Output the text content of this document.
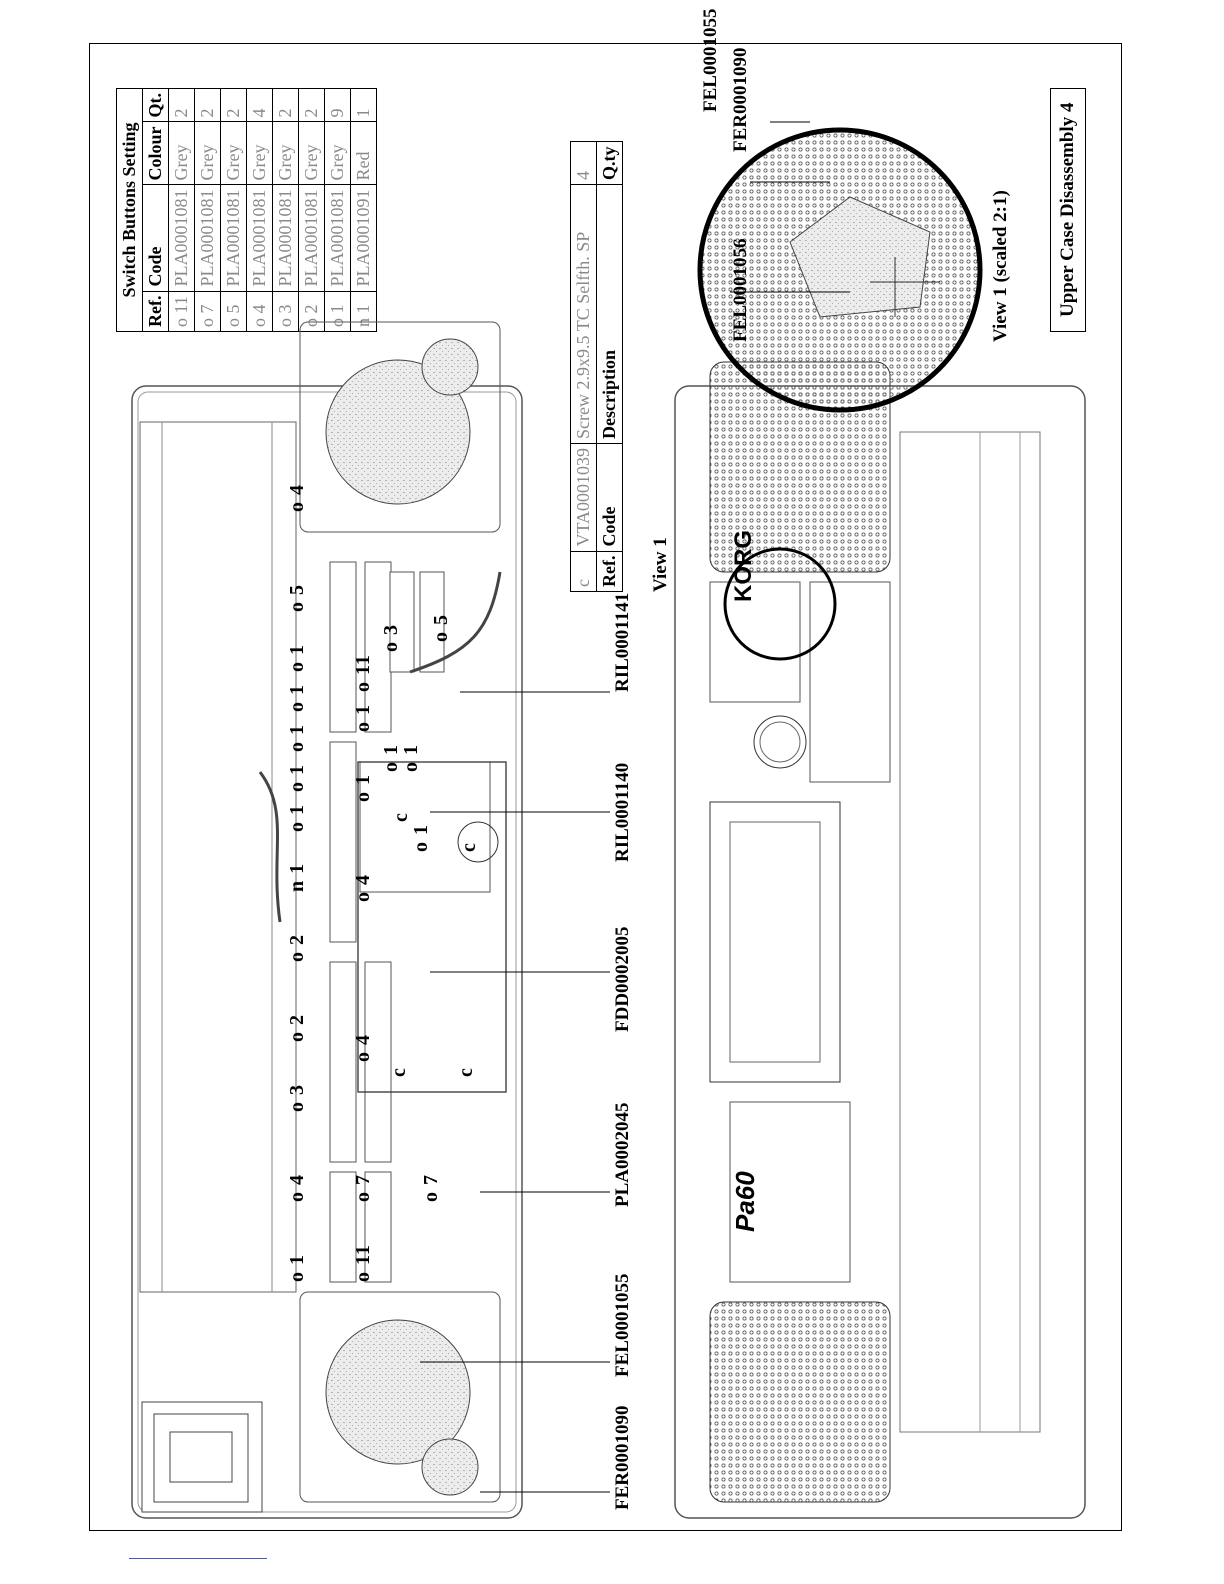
Switch Buttons Setting			
Ref.	Code	Colour	Qt.
o 11	PLA0001081	Grey	2
o 7	PLA0001081	Grey	2
o 5	PLA0001081	Grey	2
o 4	PLA0001081	Grey	4
o 3	PLA0001081	Grey	2
o 2	PLA0001081	Grey	2
o 1	PLA0001081	Grey	9
n 1	PLA0001091	Red	1
c	VTA0001039	Screw 2.9x9.5 TC Selfth. SP	4
Ref.	Code	Description	Q.ty
FER0001090
FEL0001055
PLA0002045
FDD0002005
RIL0001140
RIL0001141
View 1
FEL0001055 FER0001090
FEL0001056	View 1 (scaled 2:1)	Upper Case Disassembly 4
o 1
o 4
o 3
o 2
o 2
n 1
o 1
o 1
o 1
o 1
o 1
o 5
o 4
o 11
o 7 o 7
o 4
o 4
o 1
o 1
o 1
o 1
o 1
o 11
o 3 o 5
c c
c
c
KORG
Pa60
